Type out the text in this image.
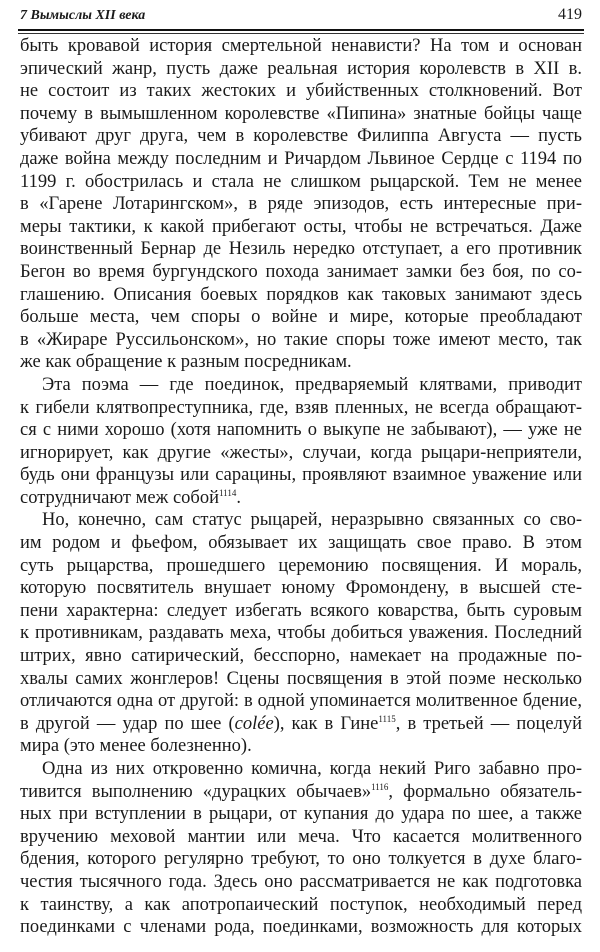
7 Вымыслы XII века	419
быть кровавой история смертельной ненависти? На том и основан
эпический жанр, пусть даже реальная история королевств в XII в.
не состоит из таких жестоких и убийственных столкновений. Вот
почему в вымышленном королевстве «Пипина» знатные бойцы чаще
убивают друг друга, чем в королевстве Филиппа Августа — пусть
даже война между последним и Ричардом Львиное Сердце с 1194 по
1199 г. обострилась и стала не слишком рыцарской. Тем не менее
в «Гарене Лотарингском», в ряде эпизодов, есть интересные при-
меры тактики, к какой прибегают осты, чтобы не встречаться. Даже
воинственный Бернар де Незиль нередко отступает, а его противник
Бегон во время бургундского похода занимает замки без боя, по со-
глашению. Описания боевых порядков как таковых занимают здесь
больше места, чем споры о войне и мире, которые преобладают
в «Жираре Руссильонском», но такие споры тоже имеют место, так
же как обращение к разным посредникам.
Эта поэма — где поединок, предваряемый клятвами, приводит
к гибели клятвопреступника, где, взяв пленных, не всегда обращают-
ся с ними хорошо (хотя напомнить о выкупе не забывают), — уже не
игнорирует, как другие «жесты», случаи, когда рыцари-неприятели,
будь они французы или сарацины, проявляют взаимное уважение или
сотрудничают меж собой$^{1114}$.
Но, конечно, сам статус рыцарей, неразрывно связанных со сво-
им родом и фьефом, обязывает их защищать свое право. В этом
суть рыцарства, прошедшего церемонию посвящения. И мораль,
которую посвятитель внушает юному Фромондену, в высшей сте-
пени характерна: следует избегать всякого коварства, быть суровым
к противникам, раздавать меха, чтобы добиться уважения. Последний
штрих, явно сатирический, бесспорно, намекает на продажные по-
хвалы самих жонглеров! Сцены посвящения в этой поэме несколько
отличаются одна от другой: в одной упоминается молитвенное бдение,
в другой — удар по шее (colée), как в Гине$^{1115}$, в третьей — поцелуй
мира (это менее болезненно).
Одна из них откровенно комична, когда некий Риго забавно про-
тивится выполнению «дурацких обычаев»$^{1116}$, формально обязатель-
ных при вступлении в рыцари, от купания до удара по шее, а также
вручению меховой мантии или меча. Что касается молитвенного
бдения, которого регулярно требуют, то оно толкуется в духе благо-
честия тысячного года. Здесь оно рассматривается не как подготовка
к таинству, а как апотропаический поступок, необходимый перед
поединками с членами рода, поединками, возможность для которых
